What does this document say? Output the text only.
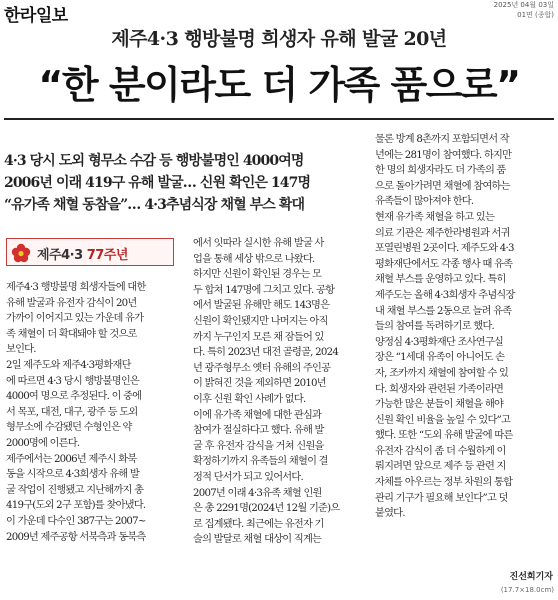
한라일보
2025년 04월 03일
01면 (종합)
제주4·3 행방불명 희생자 유해 발굴 20년
“한 분이라도 더 가족 품으로”
4·3 당시 도외 형무소 수감 등 행방불명인 4000여명
2006년 이래 419구 유해 발굴… 신원 확인은 147명
“유가족 채혈 동참을”… 4·3추념식장 채혈 부스 확대
제주4·3 77주년
제주4·3 행방불명 희생자들에 대한
유해 발굴과 유전자 감식이 20년
가까이 이어지고 있는 가운데 유가
족 채혈이 더 확대돼야 할 것으로
보인다.
2일 제주도와 제주4·3평화재단
에 따르면 4·3 당시 행방불명인은
4000여 명으로 추정된다. 이 중에
서 목포, 대전, 대구, 광주 등 도외
형무소에 수감됐던 수형인은 약
2000명에 이른다.
제주에서는 2006년 제주시 화북
동을 시작으로 4·3희생자 유해 발
굴 작업이 진행됐고 지난해까지 총
419구(도외 2구 포함)를 찾아냈다.
이 가운데 다수인 387구는 2007~
2009년 제주공항 서북측과 동북측
에서 잇따라 실시한 유해 발굴 사
업을 통해 세상 밖으로 나왔다.
하지만 신원이 확인된 경우는 모
두 합쳐 147명에 그치고 있다. 공항
에서 발굴된 유해만 해도 143명은
신원이 확인됐지만 나머지는 아직
까지 누구인지 모른 채 잠들어 있
다. 특히 2023년 대전 골령골, 2024
년 광주형무소 옛터 유해의 주인공
이 밝혀진 것을 제외하면 2010년
이후 신원 확인 사례가 없다.
이에 유가족 채혈에 대한 관심과
참여가 절실하다고 했다. 유해 발
굴 후 유전자 감식을 거쳐 신원을
확정하기까지 유족들의 채혈이 결
정적 단서가 되고 있어서다.
2007년 이래 4·3유족 채혈 인원
은 총 2291명(2024년 12월 기준)으
로 집계됐다. 최근에는 유전자 기
술의 발달로 채혈 대상이 직계는
물론 방계 8촌까지 포함되면서 작
년에는 281명이 참여했다. 하지만
한 명의 희생자라도 더 가족의 품
으로 돌아가려면 채혈에 참여하는
유족들이 많아져야 한다.
현재 유가족 채혈을 하고 있는
의료 기관은 제주한라병원과 서귀
포열린병원 2곳이다. 제주도와 4·3
평화재단에서도 각종 행사 때 유족
채혈 부스를 운영하고 있다. 특히
제주도는 올해 4·3희생자 추념식장
내 채혈 부스를 2동으로 늘려 유족
들의 참여를 독려하기로 했다.
양정심 4·3평화재단 조사연구실
장은 “1세대 유족이 아니어도 손
자, 조카까지 채혈에 참여할 수 있
다. 희생자와 관련된 가족이라면
가능한 많은 분들이 채혈을 해야
신원 확인 비율을 높일 수 있다”고
했다. 또한 “도외 유해 발굴에 따른
유전자 감식이 좀 더 수월하게 이
뤄지려면 앞으로 제주 등 관련 지
자체를 아우르는 정부 차원의 통합
관리 기구가 필요해 보인다”고 덧
붙였다.
진선희기자
(17.7×18.0cm)
